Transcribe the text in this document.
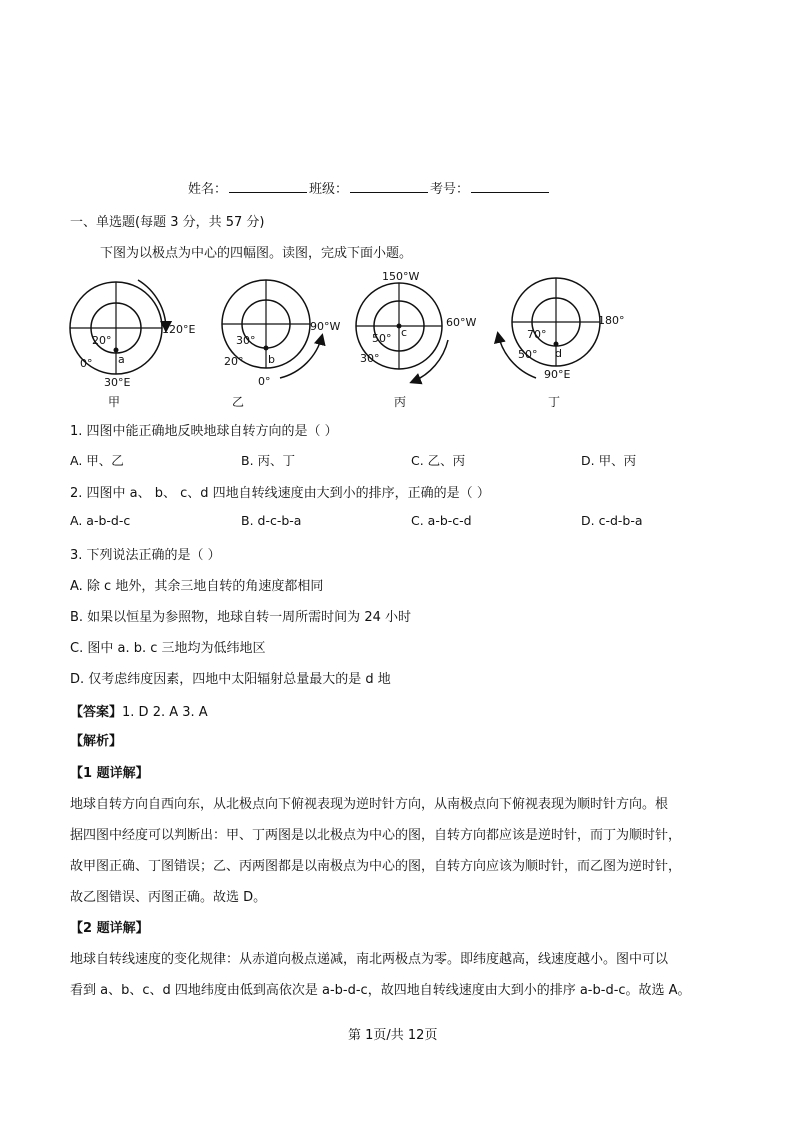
姓名：	班级：	考号：
一、单选题(每题 3 分，共 57 分)
下图为以极点为中心的四幅图。读图，完成下面小题。
120°E
20°
0° a
30°E
甲
90°W
30°
20° b
0°
乙
150°W
60°W
50° c
30°
丙
180°
70°
50° d
90°E
丁
1. 四图中能正确地反映地球自转方向的是（ ）
A. 甲、乙	B. 丙、丁	C. 乙、丙	D. 甲、丙
2. 四图中 a、 b、 c、d 四地自转线速度由大到小的排序，正确的是（ ）
A. a-b-d-c	B. d-c-b-a	C. a-b-c-d	D. c-d-b-a
3. 下列说法正确的是（ ）
A. 除 c 地外，其余三地自转的角速度都相同
B. 如果以恒星为参照物，地球自转一周所需时间为 24 小时
C. 图中 a. b. c 三地均为低纬地区
D. 仅考虑纬度因素，四地中太阳辐射总量最大的是 d 地
【答案】1. D 2. A 3. A
【解析】
【1 题详解】
地球自转方向自西向东，从北极点向下俯视表现为逆时针方向，从南极点向下俯视表现为顺时针方向。根
据四图中经度可以判断出：甲、丁两图是以北极点为中心的图，自转方向都应该是逆时针，而丁为顺时针，
故甲图正确、丁图错误；乙、丙两图都是以南极点为中心的图，自转方向应该为顺时针，而乙图为逆时针，
故乙图错误、丙图正确。故选 D。
【2 题详解】
地球自转线速度的变化规律：从赤道向极点递减，南北两极点为零。即纬度越高，线速度越小。图中可以
看到 a、b、c、d 四地纬度由低到高依次是 a-b-d-c，故四地自转线速度由大到小的排序 a-b-d-c。故选 A。
第 1页/共 12页
